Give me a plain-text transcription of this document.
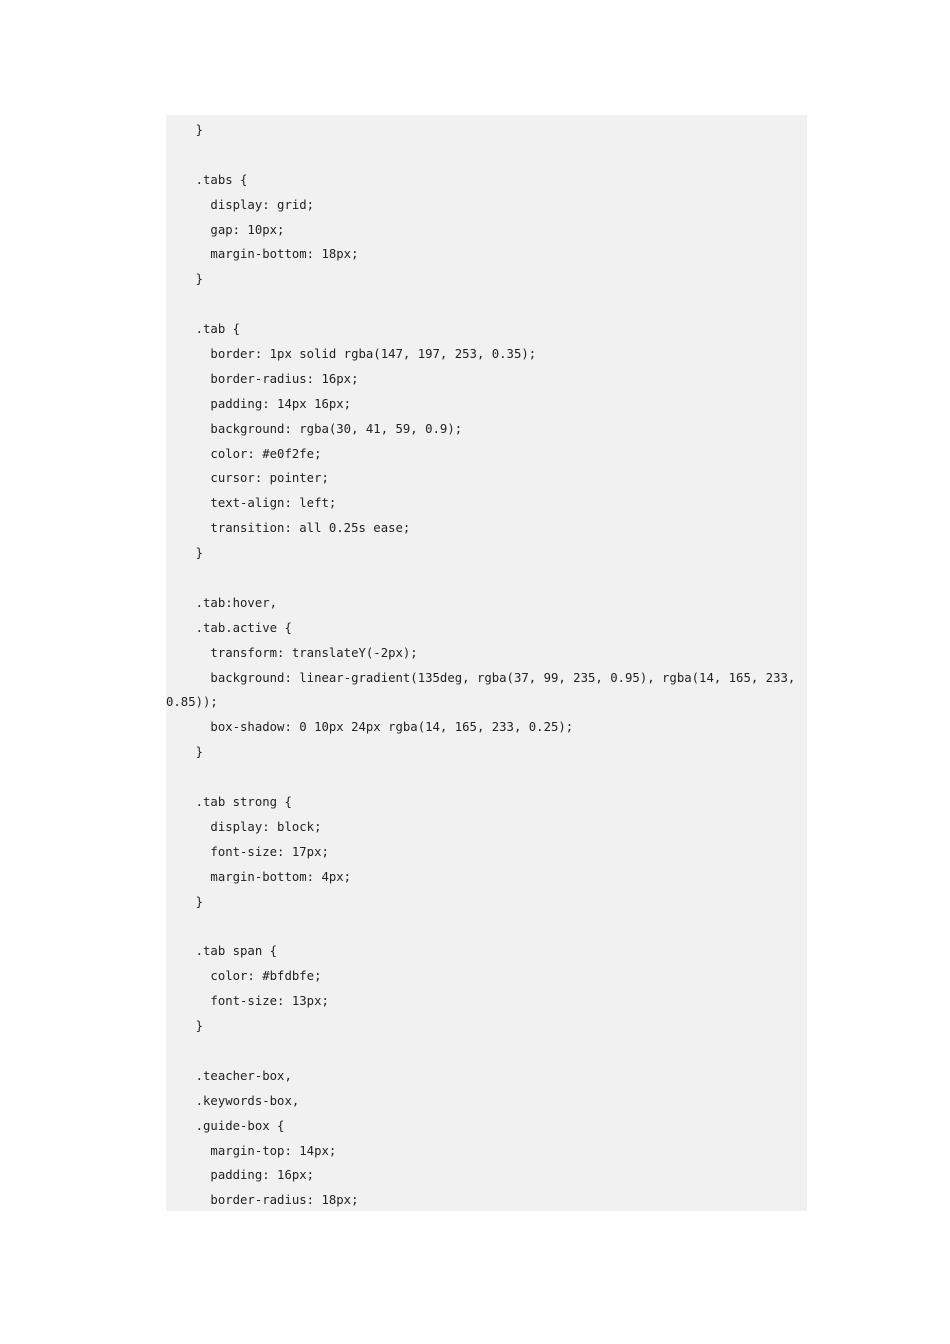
}
.tabs {
display: grid;
gap: 10px;
margin-bottom: 18px;
}
.tab {
border: 1px solid rgba(147, 197, 253, 0.35);
border-radius: 16px;
padding: 14px 16px;
background: rgba(30, 41, 59, 0.9);
color: #e0f2fe;
cursor: pointer;
text-align: left;
transition: all 0.25s ease;
}
.tab:hover,
.tab.active {
transform: translateY(-2px);
background: linear-gradient(135deg, rgba(37, 99, 235, 0.95), rgba(14, 165, 233,
0.85));
box-shadow: 0 10px 24px rgba(14, 165, 233, 0.25);
}
.tab strong {
display: block;
font-size: 17px;
margin-bottom: 4px;
}
.tab span {
color: #bfdbfe;
font-size: 13px;
}
.teacher-box,
.keywords-box,
.guide-box {
margin-top: 14px;
padding: 16px;
border-radius: 18px;
